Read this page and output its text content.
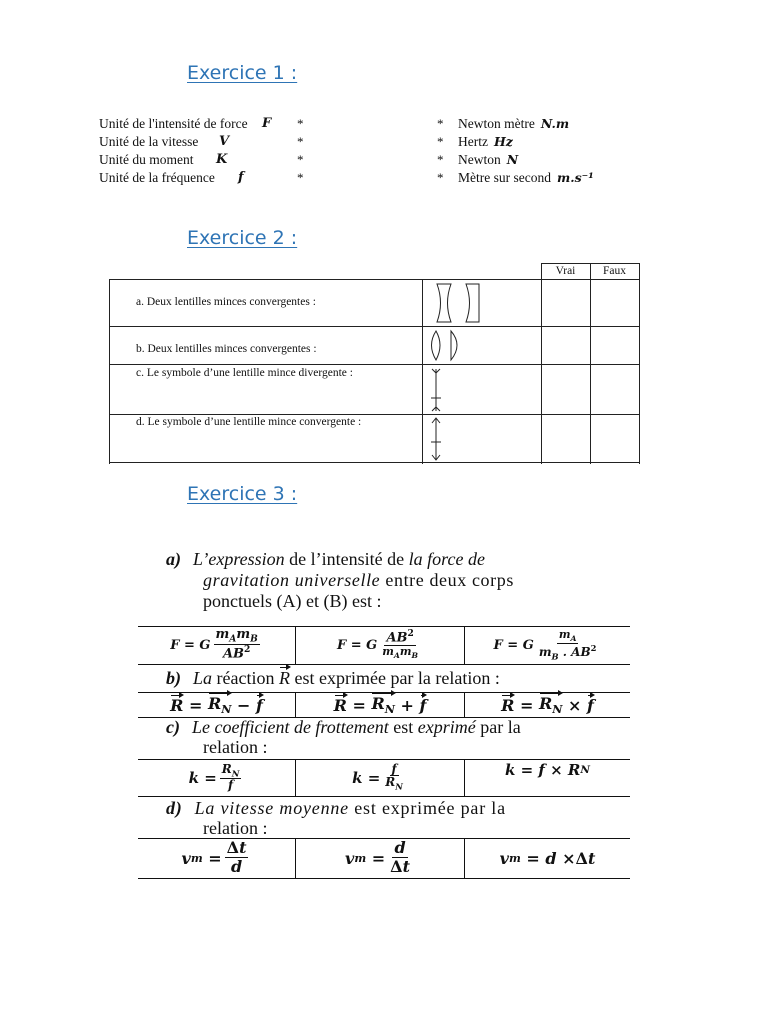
Exercice 1 :
Unité de l'intensité de force F *	* Newton mètre N.m
Unité de la vitesse V	*	* Hertz Hz
Unité du moment K	*	* Newton N
Unité de la fréquence f	*	* Mètre sur second m.s⁻¹
Exercice 2 :
Vrai	Faux
a. Deux lentilles minces convergentes :
b. Deux lentilles minces convergentes :
c. Le symbole d’une lentille mince divergente :
d. Le symbole d’une lentille mince convergente :
Exercice 3 :
a) L’expression de l’intensité de la force de
gravitation universelle entre deux corps
ponctuels (A) et (B) est :
F =

G $\frac{m_Am_B}{AB^2}$	F = G $\frac{AB^2}{m_Am_B}$	F = G $\frac{m_A}{m_B . AB^2}$
b) La réaction R est exprimée par la relation :
$R = R_N - f$	$R = R_N + f$	$R = R_N \times f$
c) Le coefficient de frottement est exprimé par la
relation :
$k = \frac{R_N}{f}$	$k = \frac{f}{R_N}$	k = f × R N
d) La vitesse moyenne est exprimée par la
relation :
v $m = \frac{\Delta t}{d}$	v $m = \frac{d}{\Delta t}$	v m = d × Δ t
